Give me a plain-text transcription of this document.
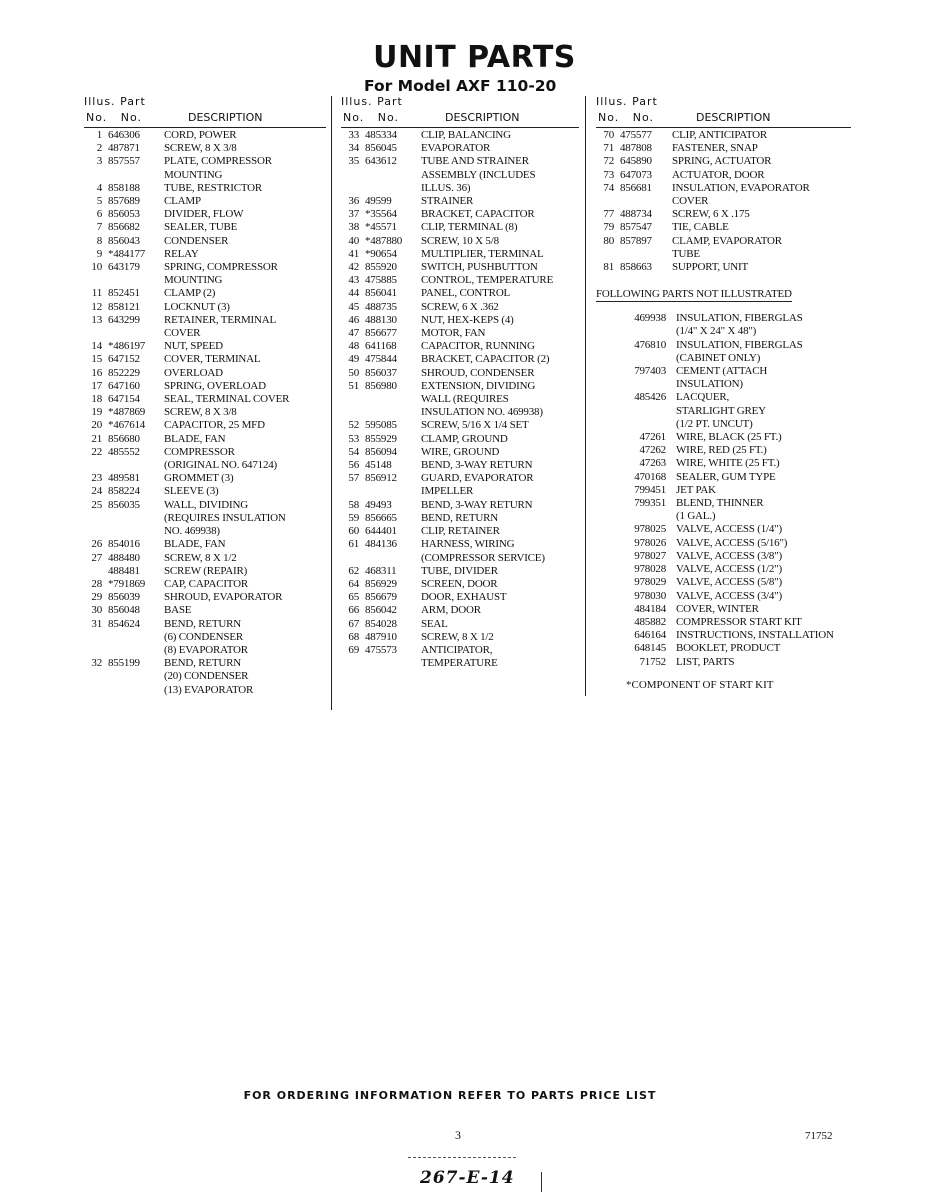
UNIT PARTS
For Model AXF 110-20
Illus. Part
No. No.	DESCRIPTION
1 646306	CORD, POWER
2 487871	SCREW, 8 X 3/8
3 857557	PLATE, COMPRESSOR
MOUNTING
4 858188	TUBE, RESTRICTOR
5 857689	CLAMP
6 856053	DIVIDER, FLOW
7 856682	SEALER, TUBE
8 856043	CONDENSER
9 *484177	RELAY
10 643179	SPRING, COMPRESSOR
MOUNTING
11 852451	CLAMP (2)
12 858121	LOCKNUT (3)
13 643299	RETAINER, TERMINAL
COVER
14 *486197	NUT, SPEED
15 647152	COVER, TERMINAL
16 852229	OVERLOAD
17 647160	SPRING, OVERLOAD
18 647154	SEAL, TERMINAL COVER
19 *487869	SCREW, 8 X 3/8
20 *467614	CAPACITOR, 25 MFD
21 856680	BLADE, FAN
22 485552	COMPRESSOR
(ORIGINAL NO. 647124)
23 489581	GROMMET (3)
24 858224	SLEEVE (3)
25 856035	WALL, DIVIDING
(REQUIRES INSULATION
NO. 469938)
26 854016	BLADE, FAN
27 488480	SCREW, 8 X 1/2
488481	SCREW (REPAIR)
28 *791869	CAP, CAPACITOR
29 856039	SHROUD, EVAPORATOR
30 856048	BASE
31 854624	BEND, RETURN
(6) CONDENSER
(8) EVAPORATOR
32 855199	BEND, RETURN
(20) CONDENSER
(13) EVAPORATOR
Illus. Part
No. No.	DESCRIPTION
33 485334	CLIP, BALANCING
34 856045	EVAPORATOR
35 643612	TUBE AND STRAINER
ASSEMBLY (INCLUDES
ILLUS. 36)
36 49599	STRAINER
37 *35564	BRACKET, CAPACITOR
38 *45571	CLIP, TERMINAL (8)
40 *487880	SCREW, 10 X 5/8
41 *90654	MULTIPLIER, TERMINAL
42 855920	SWITCH, PUSHBUTTON
43 475885	CONTROL, TEMPERATURE
44 856041	PANEL, CONTROL
45 488735	SCREW, 6 X .362
46 488130	NUT, HEX-KEPS (4)
47 856677	MOTOR, FAN
48 641168	CAPACITOR, RUNNING
49 475844	BRACKET, CAPACITOR (2)
50 856037	SHROUD, CONDENSER
51 856980	EXTENSION, DIVIDING
WALL (REQUIRES
INSULATION NO. 469938)
52 595085	SCREW, 5/16 X 1/4 SET
53 855929	CLAMP, GROUND
54 856094	WIRE, GROUND
56 45148	BEND, 3-WAY RETURN
57 856912	GUARD, EVAPORATOR
IMPELLER
58 49493	BEND, 3-WAY RETURN
59 856665	BEND, RETURN
60 644401	CLIP, RETAINER
61 484136	HARNESS, WIRING
(COMPRESSOR SERVICE)
62 468311	TUBE, DIVIDER
64 856929	SCREEN, DOOR
65 856679	DOOR, EXHAUST
66 856042	ARM, DOOR
67 854028	SEAL
68 487910	SCREW, 8 X 1/2
69 475573	ANTICIPATOR,
TEMPERATURE
Illus. Part
No. No.	DESCRIPTION
70 475577	CLIP, ANTICIPATOR
71 487808	FASTENER, SNAP
72 645890	SPRING, ACTUATOR
73 647073	ACTUATOR, DOOR
74 856681	INSULATION, EVAPORATOR
COVER
77 488734	SCREW, 6 X .175
79 857547	TIE, CABLE
80 857897	CLAMP, EVAPORATOR
TUBE
81 858663	SUPPORT, UNIT
FOLLOWING PARTS NOT ILLUSTRATED
469938 INSULATION, FIBERGLAS
(1/4" X 24" X 48")
476810 INSULATION, FIBERGLAS
(CABINET ONLY)
797403 CEMENT (ATTACH
INSULATION)
485426 LACQUER,
STARLIGHT GREY
(1/2 PT. UNCUT)
47261 WIRE, BLACK (25 FT.)
47262 WIRE, RED (25 FT.)
47263 WIRE, WHITE (25 FT.)
470168 SEALER, GUM TYPE
799451 JET PAK
799351 BLEND, THINNER
(1 GAL.)
978025 VALVE, ACCESS (1/4")
978026 VALVE, ACCESS (5/16")
978027 VALVE, ACCESS (3/8")
978028 VALVE, ACCESS (1/2")
978029 VALVE, ACCESS (5/8")
978030 VALVE, ACCESS (3/4")
484184 COVER, WINTER
485882 COMPRESSOR START KIT
646164 INSTRUCTIONS, INSTALLATION
648145 BOOKLET, PRODUCT
71752 LIST, PARTS
*COMPONENT OF START KIT
FOR ORDERING INFORMATION REFER TO PARTS PRICE LIST
3	71752
267-E-14
